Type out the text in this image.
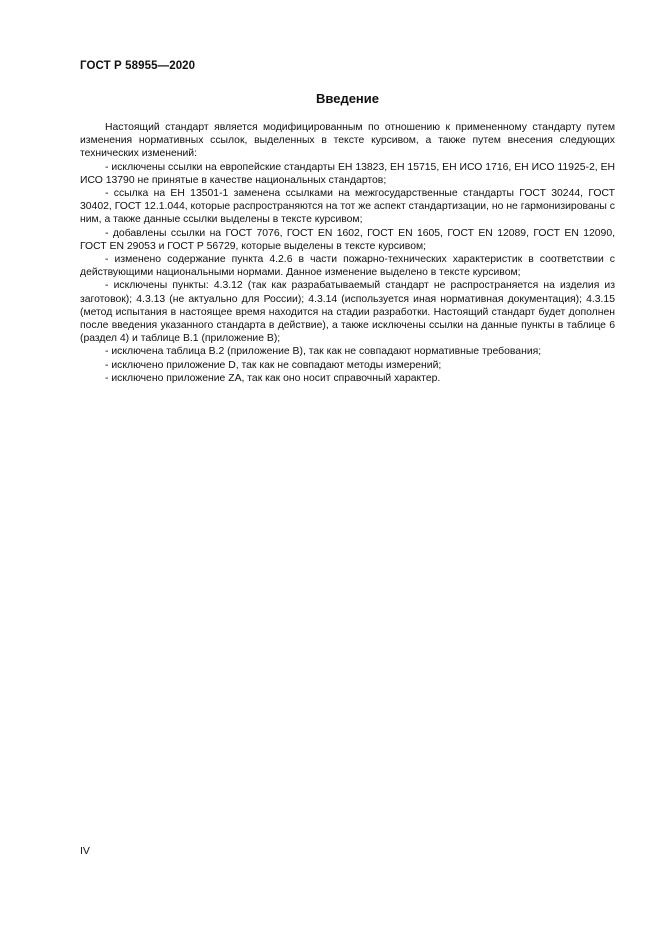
ГОСТ Р 58955—2020
Введение

Настоящий стандарт является модифицированным по отношению к примененному стандарту путем изменения нормативных ссылок, выделенных в тексте курсивом, а также путем внесения следующих технических изменений:

- исключены ссылки на европейские стандарты ЕН 13823, ЕН 15715, ЕН ИСО 1716, ЕН ИСО 11925-2, ЕН ИСО 13790 не принятые в качестве национальных стандартов;

- ссылка на ЕН 13501-1 заменена ссылками на межгосударственные стандарты ГОСТ 30244, ГОСТ 30402, ГОСТ 12.1.044, которые распространяются на тот же аспект стандартизации, но не гармонизированы с ним, а также данные ссылки выделены в тексте курсивом;

- добавлены ссылки на ГОСТ 7076, ГОСТ EN 1602, ГОСТ EN 1605, ГОСТ EN 12089, ГОСТ EN 12090, ГОСТ EN 29053 и ГОСТ Р 56729, которые выделены в тексте курсивом;

- изменено содержание пункта 4.2.6 в части пожарно-технических характеристик в соответствии с действующими национальными нормами. Данное изменение выделено в тексте курсивом;

- исключены пункты: 4.3.12 (так как разрабатываемый стандарт не распространяется на изделия из заготовок); 4.3.13 (не актуально для России); 4.3.14 (используется иная нормативная документация); 4.3.15 (метод испытания в настоящее время находится на стадии разработки. Настоящий стандарт будет дополнен после введения указанного стандарта в действие), а также исключены ссылки на данные пункты в таблице 6 (раздел 4) и таблице В.1 (приложение В);

- исключена таблица В.2 (приложение В), так как не совпадают нормативные требования;

- исключено приложение D, так как не совпадают методы измерений;

- исключено приложение ZA, так как оно носит справочный характер.

IV
